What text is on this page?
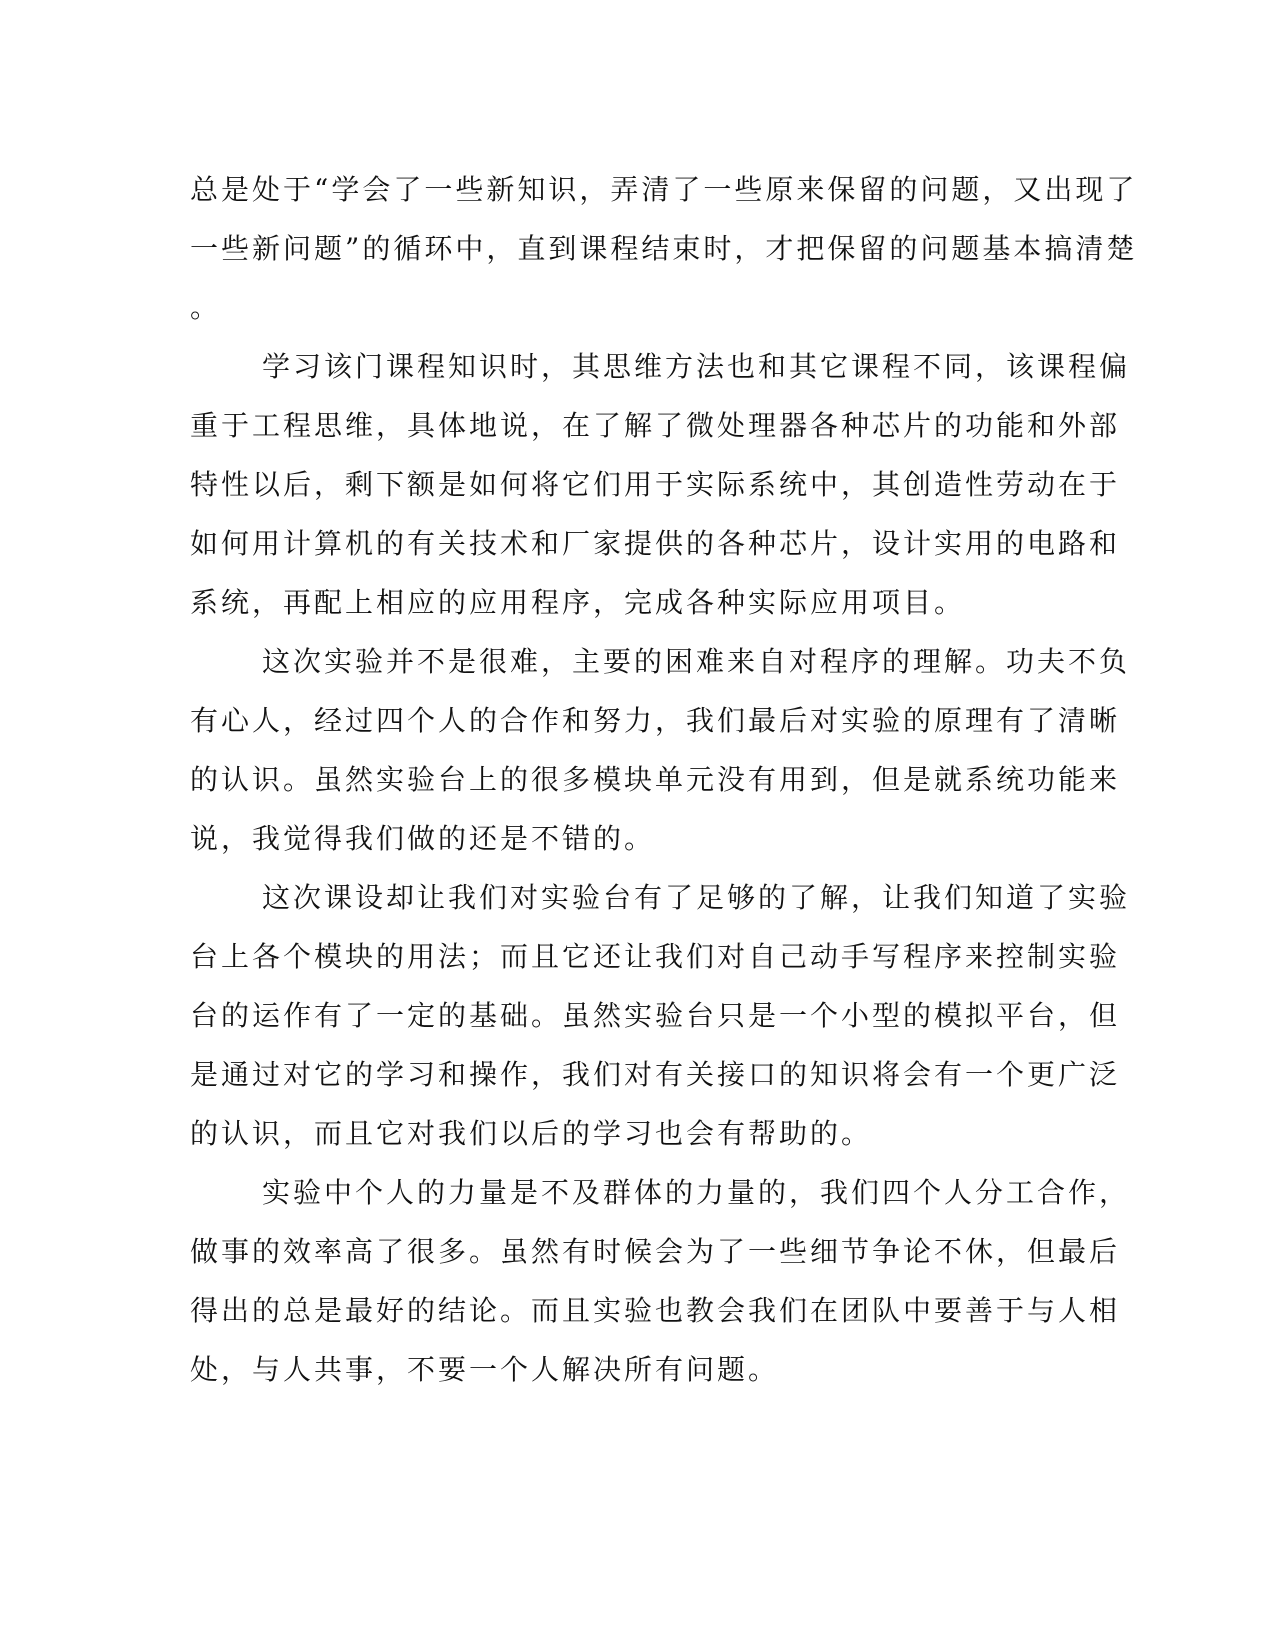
总是处于“学会了一些新知识，弄清了一些原来保留的问题，又出现了
一些新问题”的循环中，直到课程结束时，才把保留的问题基本搞清楚
。
学习该门课程知识时，其思维方法也和其它课程不同，该课程偏
重于工程思维，具体地说，在了解了微处理器各种芯片的功能和外部
特性以后，剩下额是如何将它们用于实际系统中，其创造性劳动在于
如何用计算机的有关技术和厂家提供的各种芯片，设计实用的电路和
系统，再配上相应的应用程序，完成各种实际应用项目。
这次实验并不是很难，主要的困难来自对程序的理解。功夫不负
有心人，经过四个人的合作和努力，我们最后对实验的原理有了清晰
的认识。虽然实验台上的很多模块单元没有用到，但是就系统功能来
说，我觉得我们做的还是不错的。
这次课设却让我们对实验台有了足够的了解，让我们知道了实验
台上各个模块的用法；而且它还让我们对自己动手写程序来控制实验
台的运作有了一定的基础。虽然实验台只是一个小型的模拟平台，但
是通过对它的学习和操作，我们对有关接口的知识将会有一个更广泛
的认识，而且它对我们以后的学习也会有帮助的。
实验中个人的力量是不及群体的力量的，我们四个人分工合作，
做事的效率高了很多。虽然有时候会为了一些细节争论不休，但最后
得出的总是最好的结论。而且实验也教会我们在团队中要善于与人相
处，与人共事，不要一个人解决所有问题。
